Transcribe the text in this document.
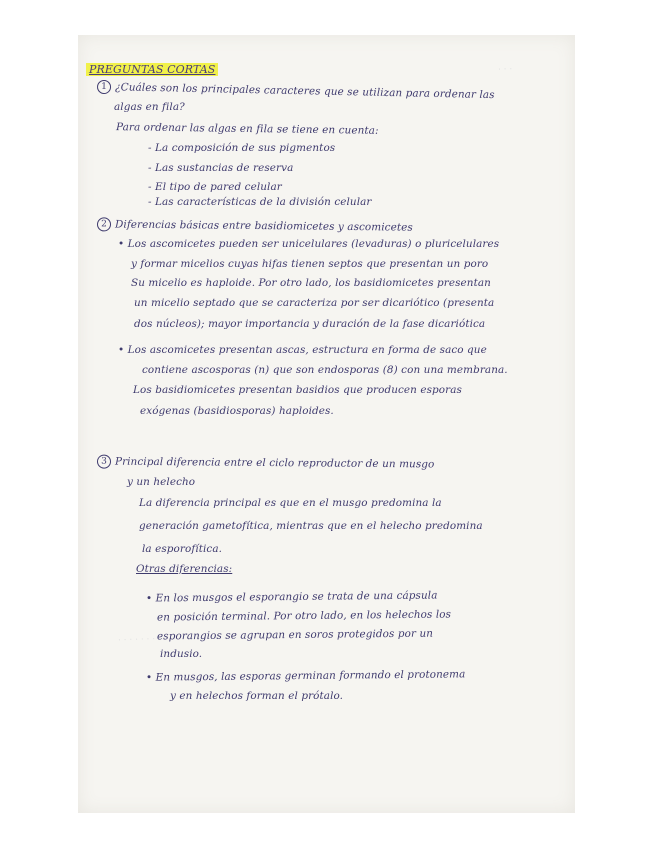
· · ·
· · · · · · · · · ·
PREGUNTAS CORTAS
1 ¿Cuáles son los principales caracteres que se utilizan para ordenar las
algas en fila?
Para ordenar las algas en fila se tiene en cuenta:
- La composición de sus pigmentos
- Las sustancias de reserva
- El tipo de pared celular
- Las características de la división celular
2 Diferencias básicas entre basidiomicetes y ascomicetes
• Los ascomicetes pueden ser unicelulares (levaduras) o pluricelulares
y formar micelios cuyas hifas tienen septos que presentan un poro
Su micelio es haploide. Por otro lado, los basidiomicetes presentan
un micelio septado que se caracteriza por ser dicariótico (presenta
dos núcleos); mayor importancia y duración de la fase dicariótica
• Los ascomicetes presentan ascas, estructura en forma de saco que
contiene ascosporas (n) que son endosporas (8) con una membrana.
Los basidiomicetes presentan basidios que producen esporas
exógenas (basidiosporas) haploides.
3 Principal diferencia entre el ciclo reproductor de un musgo
y un helecho
La diferencia principal es que en el musgo predomina la
generación gametofítica, mientras que en el helecho predomina
la esporofítica.
Otras diferencias:
• En los musgos el esporangio se trata de una cápsula
en posición terminal. Por otro lado, en los helechos los
esporangios se agrupan en soros protegidos por un
indusio.
• En musgos, las esporas germinan formando el protonema
y en helechos forman el prótalo.
